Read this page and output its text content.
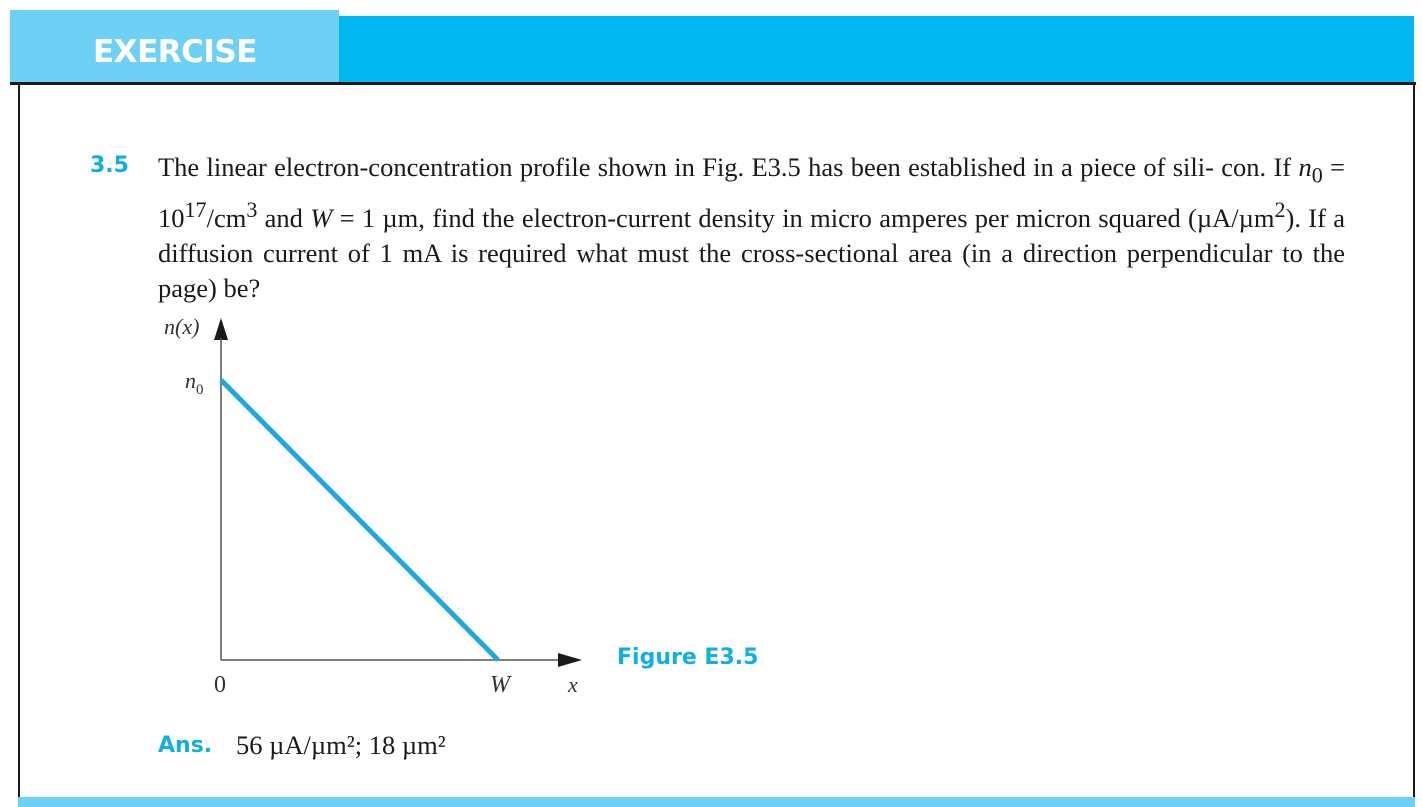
EXERCISE
3.5 The linear electron-concentration profile shown in Fig. E3.5 has been established in a piece of sili- con. If $n_0 = 10^{17}/cm^3$ and W = 1 µm, find the electron-current density in micro amperes per micron squared (µA/µm$^2$). If a diffusion current of 1 mA is required what must the cross-sectional area (in a direction perpendicular to the page) be?
n(x)
$n_0$
0	W	x
Figure E3.5
Ans. 56 µA/µm²; 18 µm²
